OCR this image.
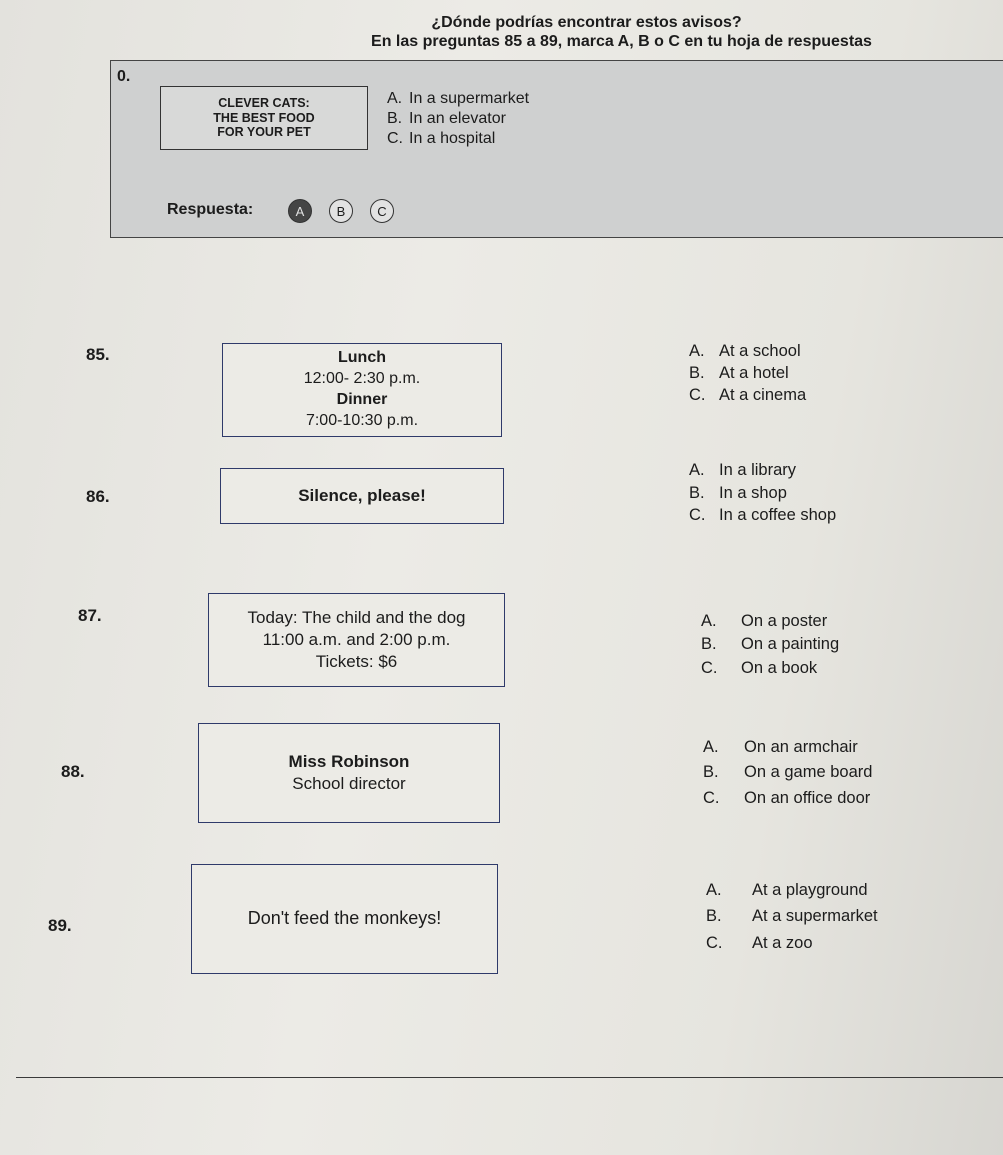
¿Dónde podrías encontrar estos avisos?
En las preguntas 85 a 89, marca A, B o C en tu hoja de respuestas
0.
CLEVER CATS:
THE BEST FOOD
FOR YOUR PET
A. In a supermarket
B. In an elevator
C. In a hospital
Respuesta:	A	B	C
85.	Lunch
12:00- 2:30 p.m.
Dinner
7:00-10:30 p.m.
A. At a school
B. At a hotel
C. At a cinema
86.	Silence, please!
A. In a library
B. In a shop
C. In a coffee shop
87.	Today: The child and the dog
11:00 a.m. and 2:00 p.m.
Tickets: $6
A. On a poster
B. On a painting
C. On a book
88.
Miss Robinson
School director
A. On an armchair
B. On a game board
C. On an office door
89.	Don't feed the monkeys!
A. At a playground
B. At a supermarket
C. At a zoo
